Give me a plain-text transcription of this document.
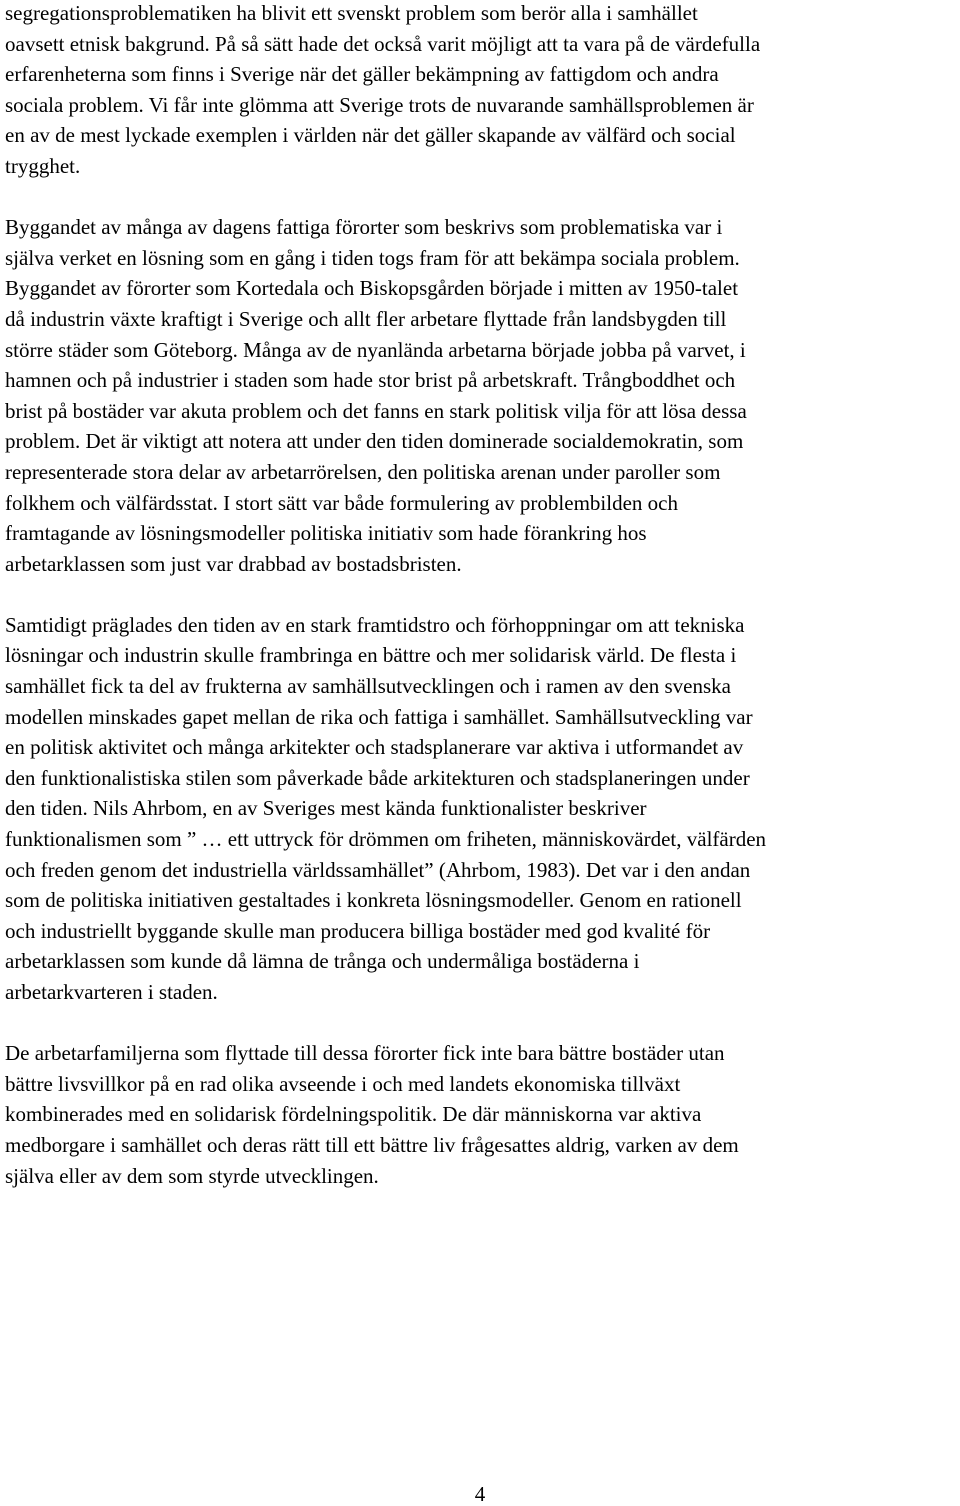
segregationsproblematiken ha blivit ett svenskt problem som berör alla i samhället
oavsett etnisk bakgrund. På så sätt hade det också varit möjligt att ta vara på de värdefulla
erfarenheterna som finns i Sverige när det gäller bekämpning av fattigdom och andra
sociala problem. Vi får inte glömma att Sverige trots de nuvarande samhällsproblemen är
en av de mest lyckade exemplen i världen när det gäller skapande av välfärd och social
trygghet.

Byggandet av många av dagens fattiga förorter som beskrivs som problematiska var i
själva verket en lösning som en gång i tiden togs fram för att bekämpa sociala problem.
Byggandet av förorter som Kortedala och Biskopsgården började i mitten av 1950-talet
då industrin växte kraftigt i Sverige och allt fler arbetare flyttade från landsbygden till
större städer som Göteborg. Många av de nyanlända arbetarna började jobba på varvet, i
hamnen och på industrier i staden som hade stor brist på arbetskraft. Trångboddhet och
brist på bostäder var akuta problem och det fanns en stark politisk vilja för att lösa dessa
problem. Det är viktigt att notera att under den tiden dominerade socialdemokratin, som
representerade stora delar av arbetarrörelsen, den politiska arenan under paroller som
folkhem och välfärdsstat. I stort sätt var både formulering av problembilden och
framtagande av lösningsmodeller politiska initiativ som hade förankring hos
arbetarklassen som just var drabbad av bostadsbristen.

Samtidigt präglades den tiden av en stark framtidstro och förhoppningar om att tekniska
lösningar och industrin skulle frambringa en bättre och mer solidarisk värld. De flesta i
samhället fick ta del av frukterna av samhällsutvecklingen och i ramen av den svenska
modellen minskades gapet mellan de rika och fattiga i samhället. Samhällsutveckling var
en politisk aktivitet och många arkitekter och stadsplanerare var aktiva i utformandet av
den funktionalistiska stilen som påverkade både arkitekturen och stadsplaneringen under
den tiden. Nils Ahrbom, en av Sveriges mest kända funktionalister beskriver
funktionalismen som ” … ett uttryck för drömmen om friheten, människovärdet, välfärden
och freden genom det industriella världssamhället” (Ahrbom, 1983). Det var i den andan
som de politiska initiativen gestaltades i konkreta lösningsmodeller. Genom en rationell
och industriellt byggande skulle man producera billiga bostäder med god kvalité för
arbetarklassen som kunde då lämna de trånga och undermåliga bostäderna i
arbetarkvarteren i staden.

De arbetarfamiljerna som flyttade till dessa förorter fick inte bara bättre bostäder utan
bättre livsvillkor på en rad olika avseende i och med landets ekonomiska tillväxt
kombinerades med en solidarisk fördelningspolitik. De där människorna var aktiva
medborgare i samhället och deras rätt till ett bättre liv frågesattes aldrig, varken av dem
själva eller av dem som styrde utvecklingen.

4
